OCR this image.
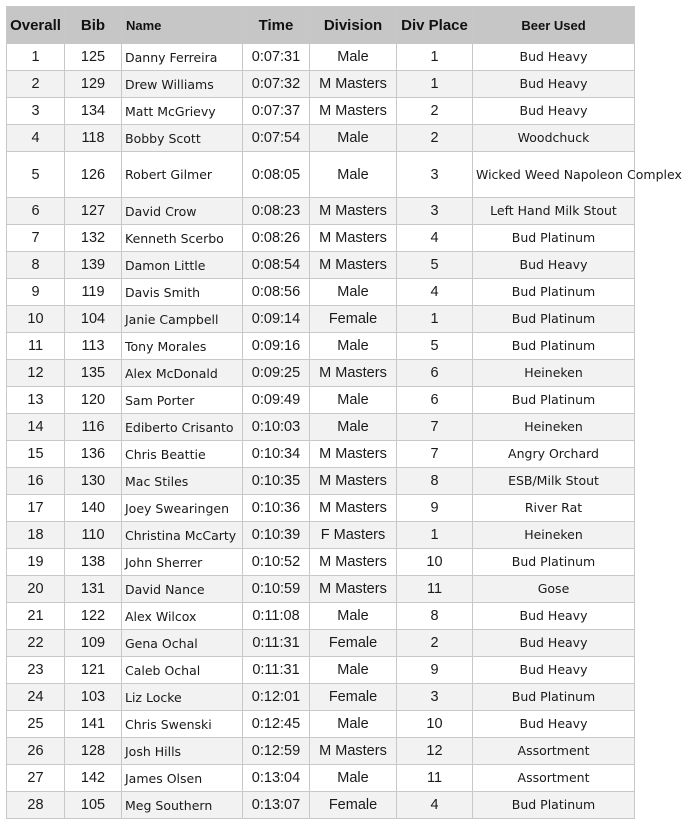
Overall	Bib	Name	Time	Division	Div Place	Beer Used
1	125	Danny Ferreira	0:07:31	Male	1	Bud Heavy
2	129	Drew Williams	0:07:32	M Masters	1	Bud Heavy
3	134	Matt McGrievy	0:07:37	M Masters	2	Bud Heavy
4	118	Bobby Scott	0:07:54	Male	2	Woodchuck
5	126	Robert Gilmer	0:08:05	Male	3	Wicked Weed Napoleon Complex
6	127	David Crow	0:08:23	M Masters	3	Left Hand Milk Stout
7	132	Kenneth Scerbo	0:08:26	M Masters	4	Bud Platinum
8	139	Damon Little	0:08:54	M Masters	5	Bud Heavy
9	119	Davis Smith	0:08:56	Male	4	Bud Platinum
10	104	Janie Campbell	0:09:14	Female	1	Bud Platinum
11	113	Tony Morales	0:09:16	Male	5	Bud Platinum
12	135	Alex McDonald	0:09:25	M Masters	6	Heineken
13	120	Sam Porter	0:09:49	Male	6	Bud Platinum
14	116	Ediberto Crisanto	0:10:03	Male	7	Heineken
15	136	Chris Beattie	0:10:34	M Masters	7	Angry Orchard
16	130	Mac Stiles	0:10:35	M Masters	8	ESB/Milk Stout
17	140	Joey Swearingen	0:10:36	M Masters	9	River Rat
18	110	Christina McCarty	0:10:39	F Masters	1	Heineken
19	138	John Sherrer	0:10:52	M Masters	10	Bud Platinum
20	131	David Nance	0:10:59	M Masters	11	Gose
21	122	Alex Wilcox	0:11:08	Male	8	Bud Heavy
22	109	Gena Ochal	0:11:31	Female	2	Bud Heavy
23	121	Caleb Ochal	0:11:31	Male	9	Bud Heavy
24	103	Liz Locke	0:12:01	Female	3	Bud Platinum
25	141	Chris Swenski	0:12:45	Male	10	Bud Heavy
26	128	Josh Hills	0:12:59	M Masters	12	Assortment
27	142	James Olsen	0:13:04	Male	11	Assortment
28	105	Meg Southern	0:13:07	Female	4	Bud Platinum
